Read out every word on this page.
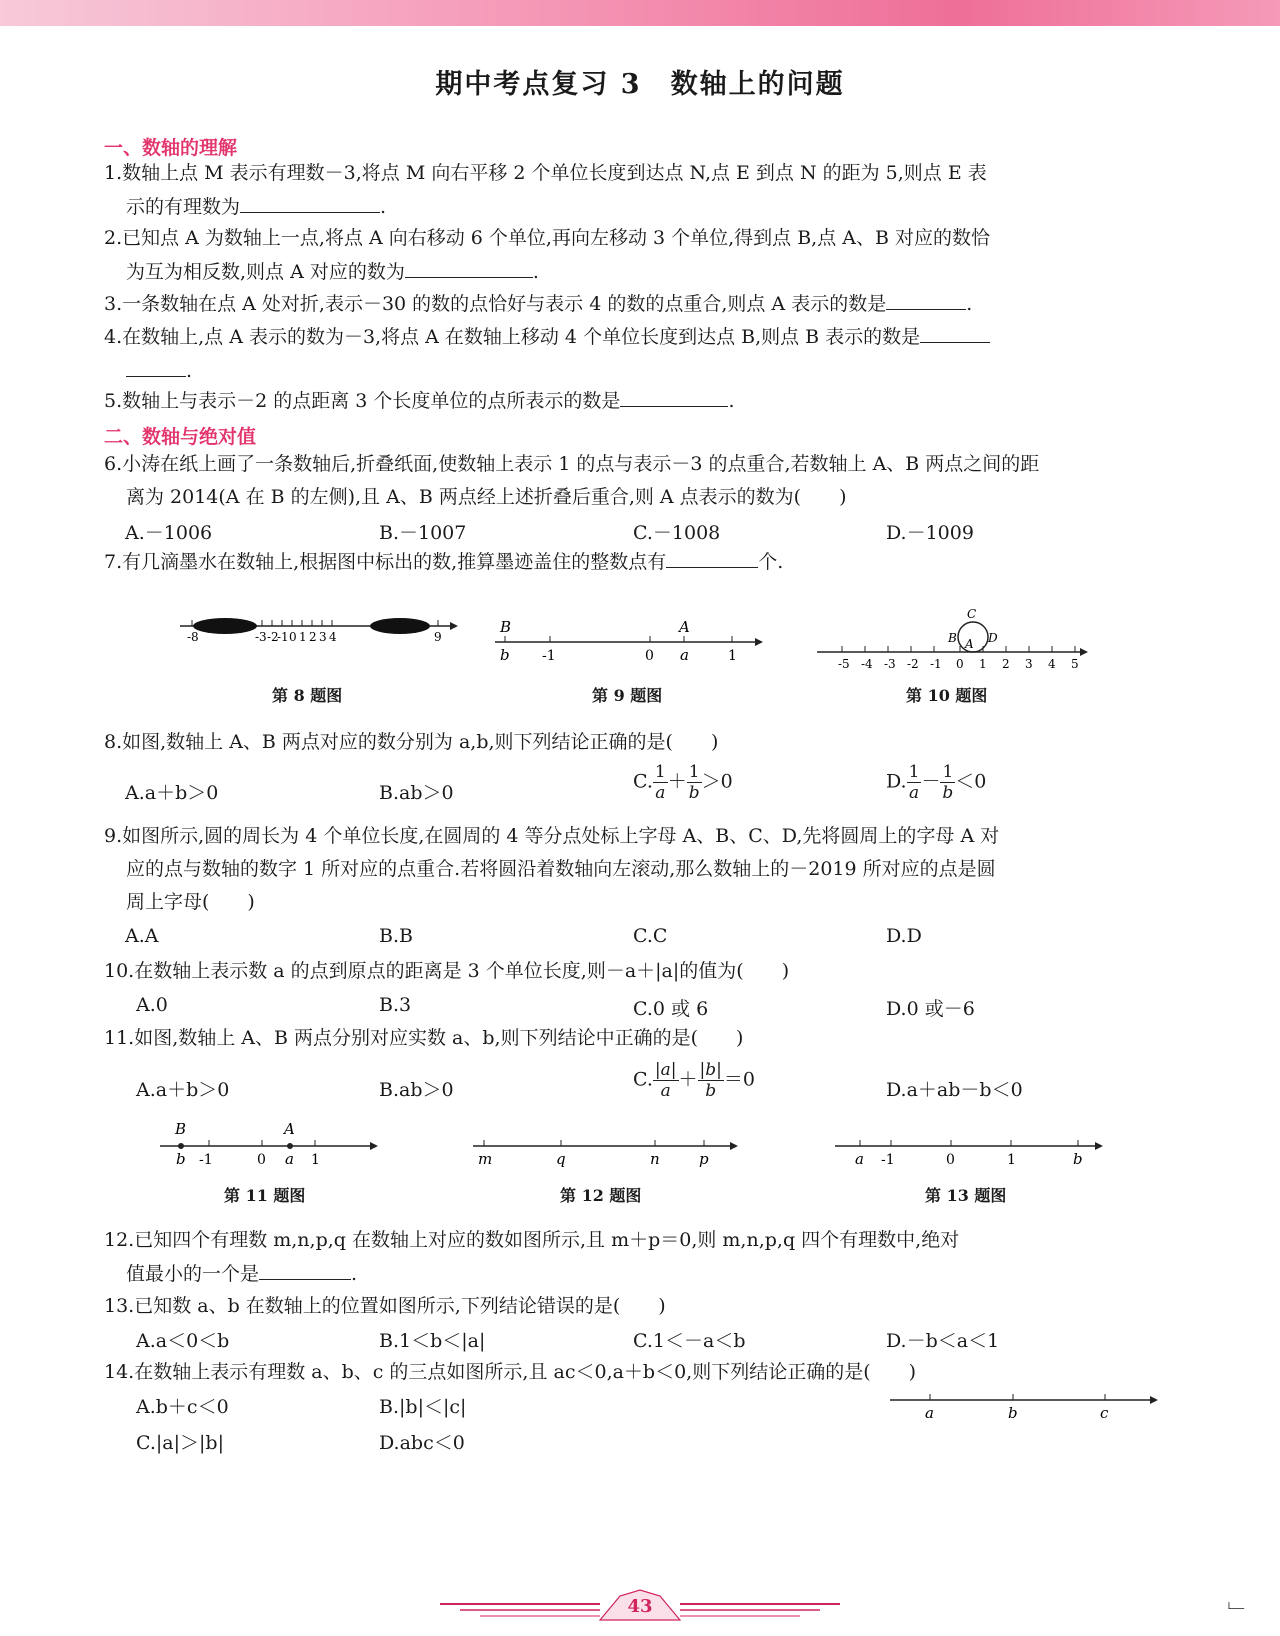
期中考点复习 3　数轴上的问题
一、数轴的理解
1.数轴上点 M 表示有理数－3,将点 M 向右平移 2 个单位长度到达点 N,点 E 到点 N 的距为 5,则点 E 表
示的有理数为	.
2.已知点 A 为数轴上一点,将点 A 向右移动 6 个单位,再向左移动 3 个单位,得到点 B,点 A、B 对应的数恰
为互为相反数,则点 A 对应的数为	.
3.一条数轴在点 A 处对折,表示－30 的数的点恰好与表示 4 的数的点重合,则点 A 表示的数是	.
4.在数轴上,点 A 表示的数为－3,将点 A 在数轴上移动 4 个单位长度到达点 B,则点 B 表示的数是
.
5.数轴上与表示－2 的点距离 3 个长度单位的点所表示的数是	.
二、数轴与绝对值
6.小涛在纸上画了一条数轴后,折叠纸面,使数轴上表示 1 的点与表示－3 的点重合,若数轴上 A、B 两点之间的距
离为 2014(A 在 B 的左侧),且 A、B 两点经上述折叠后重合,则 A 点表示的数为(　　)
A.－1006	B.－1007	C.－1008	D.－1009
7.有几滴墨水在数轴上,根据图中标出的数,推算墨迹盖住的整数点有	个.
-8	-3 -2
-1 0 1 2 3 4	9
第 8 题图
B	A
b -1	0 a	1
第 9 题图
C
B A D
-5 -4 -3 -2 -1 0 1 2 3 4 5
第 10 题图
8.如图,数轴上 A、B 两点对应的数分别为 a,b,则下列结论正确的是(　　)
A.a＋b＞0	B.ab＞0
C. $\frac{1}{a} + \frac{1}{b} >0$	D. $\frac{1}{a} - \frac{1}{b} <0$
9.如图所示,圆的周长为 4 个单位长度,在圆周的 4 等分点处标上字母 A、B、C、D,先将圆周上的字母 A 对
应的点与数轴的数字 1 所对应的点重合.若将圆沿着数轴向左滚动,那么数轴上的－2019 所对应的点是圆
周上字母(　　)
A.A	B.B	C.C	D.D
10.在数轴上表示数 a 的点到原点的距离是 3 个单位长度,则－a＋|a|的值为(　　)
A.0	B.3	C.0 或 6	D.0 或－6
11.如图,数轴上 A、B 两点分别对应实数 a、b,则下列结论中正确的是(　　)
A.a＋b＞0	B.ab＞0	C. $\frac{|a|}{a} + \frac{|b|}{b} =0$	D.a＋ab－b＜0
B	A
b -1	0 a 1
第 11 题图
m	q	n	p
第 12 题图
a -1	0	1	b
第 13 题图
12.已知四个有理数 m,n,p,q 在数轴上对应的数如图所示,且 m＋p＝0,则 m,n,p,q 四个有理数中,绝对
值最小的一个是	.
13.已知数 a、b 在数轴上的位置如图所示,下列结论错误的是(　　)
A.a＜0＜b	B.1＜b＜|a|	C.1＜－a＜b	D.－b＜a＜1
14.在数轴上表示有理数 a、b、c 的三点如图所示,且 ac＜0,a＋b＜0,则下列结论正确的是(　　)
A.b＋c＜0	B.|b|＜|c|
C.|a|＞|b|	D.abc＜0
a	b	c
43	﹂
